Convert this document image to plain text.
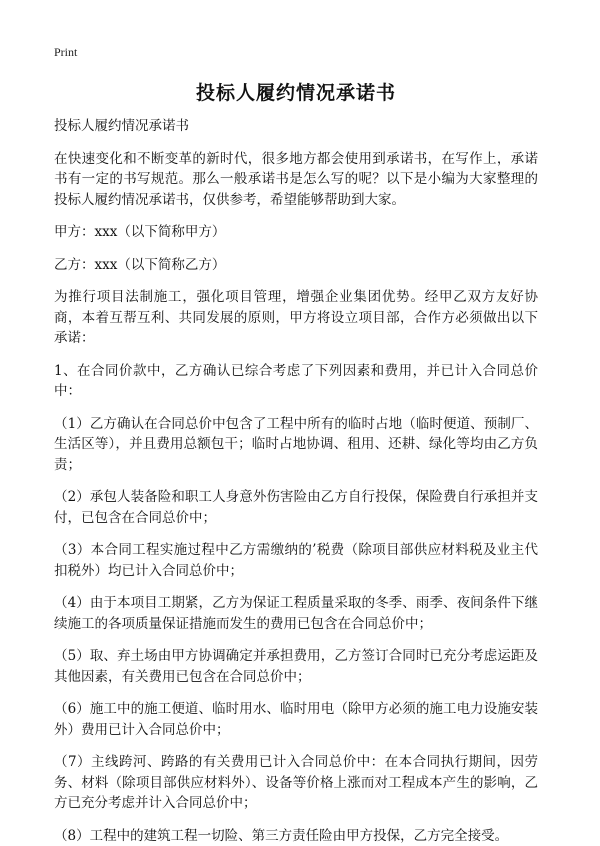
Print
投标人履约情况承诺书
投标人履约情况承诺书

在快速变化和不断变革的新时代，很多地方都会使用到承诺书，在写作上，承诺书有一定的书写规范。那么一般承诺书是怎么写的呢？以下是小编为大家整理的投标人履约情况承诺书，仅供参考，希望能够帮助到大家。

甲方：xxx（以下简称甲方）

乙方：xxx（以下简称乙方）

为推行项目法制施工，强化项目管理，增强企业集团优势。经甲乙双方友好协商，本着互帮互利、共同发展的原则，甲方将设立项目部，合作方必须做出以下承诺：

1、在合同价款中，乙方确认已综合考虑了下列因素和费用，并已计入合同总价中：

（1）乙方确认在合同总价中包含了工程中所有的临时占地（临时便道、预制厂、生活区等），并且费用总额包干；临时占地协调、租用、还耕、绿化等均由乙方负责；

（2）承包人装备险和职工人身意外伤害险由乙方自行投保，保险费自行承担并支付，已包含在合同总价中；

（3）本合同工程实施过程中乙方需缴纳的’税费（除项目部供应材料税及业主代扣税外）均已计入合同总价中；

（4）由于本项目工期紧，乙方为保证工程质量采取的冬季、雨季、夜间条件下继续施工的各项质量保证措施而发生的费用已包含在合同总价中；

（5）取、弃土场由甲方协调确定并承担费用，乙方签订合同时已充分考虑运距及其他因素，有关费用已包含在合同总价中；

（6）施工中的施工便道、临时用水、临时用电（除甲方必须的施工电力设施安装外）费用已计入合同总价中；

（7）主线跨河、跨路的有关费用已计入合同总价中：在本合同执行期间，因劳务、材料（除项目部供应材料外）、设备等价格上涨而对工程成本产生的影响，乙方已充分考虑并计入合同总价中；

（8）工程中的建筑工程一切险、第三方责任险由甲方投保，乙方完全接受。
